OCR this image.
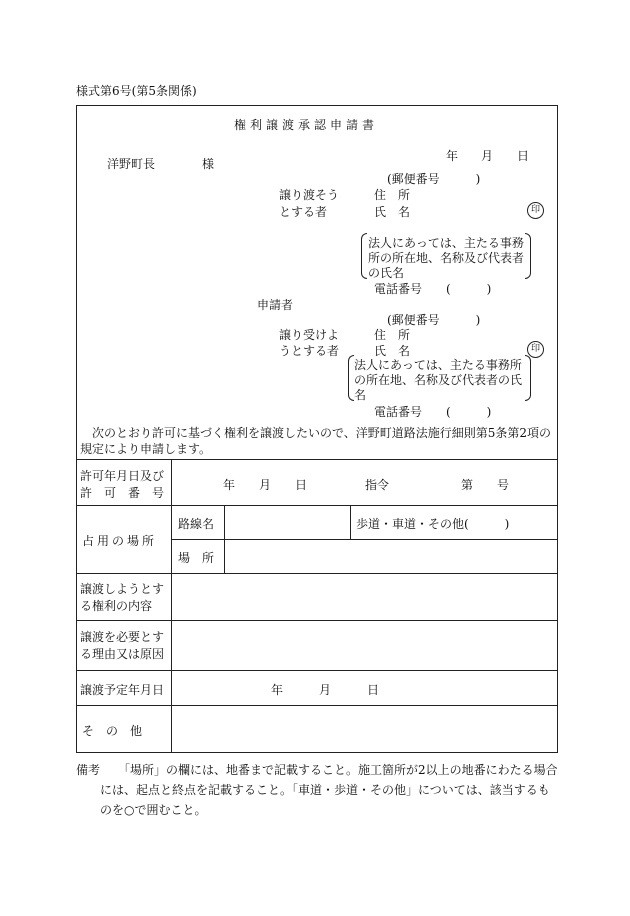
様式第6号(第5条関係)
権利譲渡承認申請書
年 月 日
洋野町長	様
(郵便番号　　　)
譲り渡そう	住　所
とする者	氏　名	印
法人にあっては、主たる事務
所の所在地、名称及び代表者
の氏名
電話番号　　(　　　)
申請者
(郵便番号　　　)
譲り受けよ	住　所
うとする者	氏　名	印
法人にあっては、主たる事務所
の所在地、名称及び代表者の氏
名
電話番号　　(　　　)
次のとおり許可に基づく権利を譲渡したいので、洋野町道路法施行細則第5条第2項の
規定により申請します。
許可年月日及び
許　可　番　号
年　　月　　日	指令	第　　号
占用の場所
路線名	歩道・車道・その他(　　　)
場　所
譲渡しようとす
る権利の内容
譲渡を必要とす
る理由又は原因
譲渡予定年月日	年　　　月　　　日
そ　の　他
備考 「場所」の欄には、地番まで記載すること。施工箇所が2以上の地番にわたる場合
には、起点と終点を記載すること。「車道・歩道・その他」については、該当するも
のを○で囲むこと。
